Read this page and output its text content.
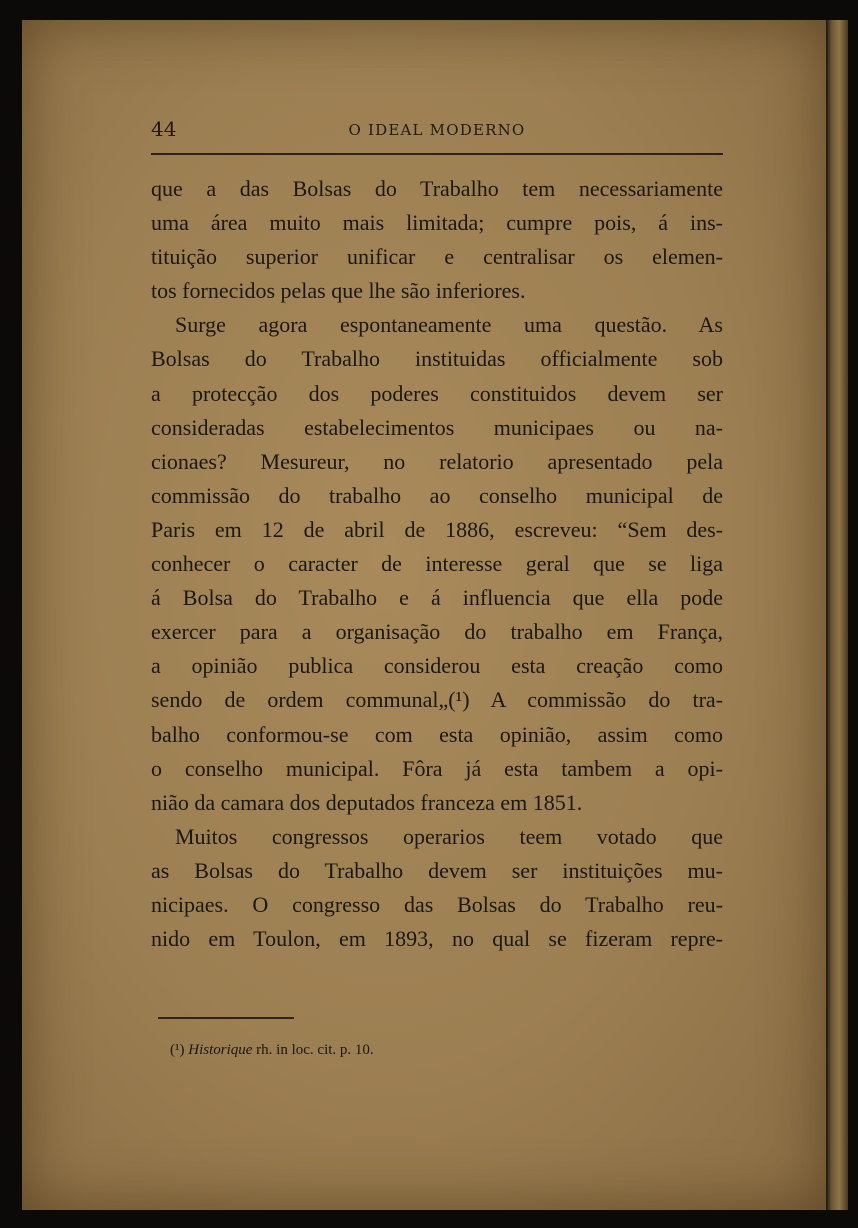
44	O IDEAL MODERNO
que a das Bolsas do Trabalho tem necessariamente
uma área muito mais limitada; cumpre pois, á ins-
tituição superior unificar e centralisar os elemen-
tos fornecidos pelas que lhe são inferiores.
Surge agora espontaneamente uma questão. As
Bolsas do Trabalho instituidas officialmente sob
a protecção dos poderes constituidos devem ser
consideradas estabelecimentos municipaes ou na-
cionaes? Mesureur, no relatorio apresentado pela
commissão do trabalho ao conselho municipal de
Paris em 12 de abril de 1886, escreveu: “Sem des-
conhecer o caracter de interesse geral que se liga
á Bolsa do Trabalho e á influencia que ella pode
exercer para a organisação do trabalho em França,
a opinião publica considerou esta creação como
sendo de ordem communal„(¹) A commissão do tra-
balho conformou-se com esta opinião, assim como
o conselho municipal. Fôra já esta tambem a opi-
nião da camara dos deputados franceza em 1851.
Muitos congressos operarios teem votado que
as Bolsas do Trabalho devem ser instituições mu-
nicipaes. O congresso das Bolsas do Trabalho reu-
nido em Toulon, em 1893, no qual se fizeram repre-
(¹) Historique rh. in loc. cit. p. 10.
